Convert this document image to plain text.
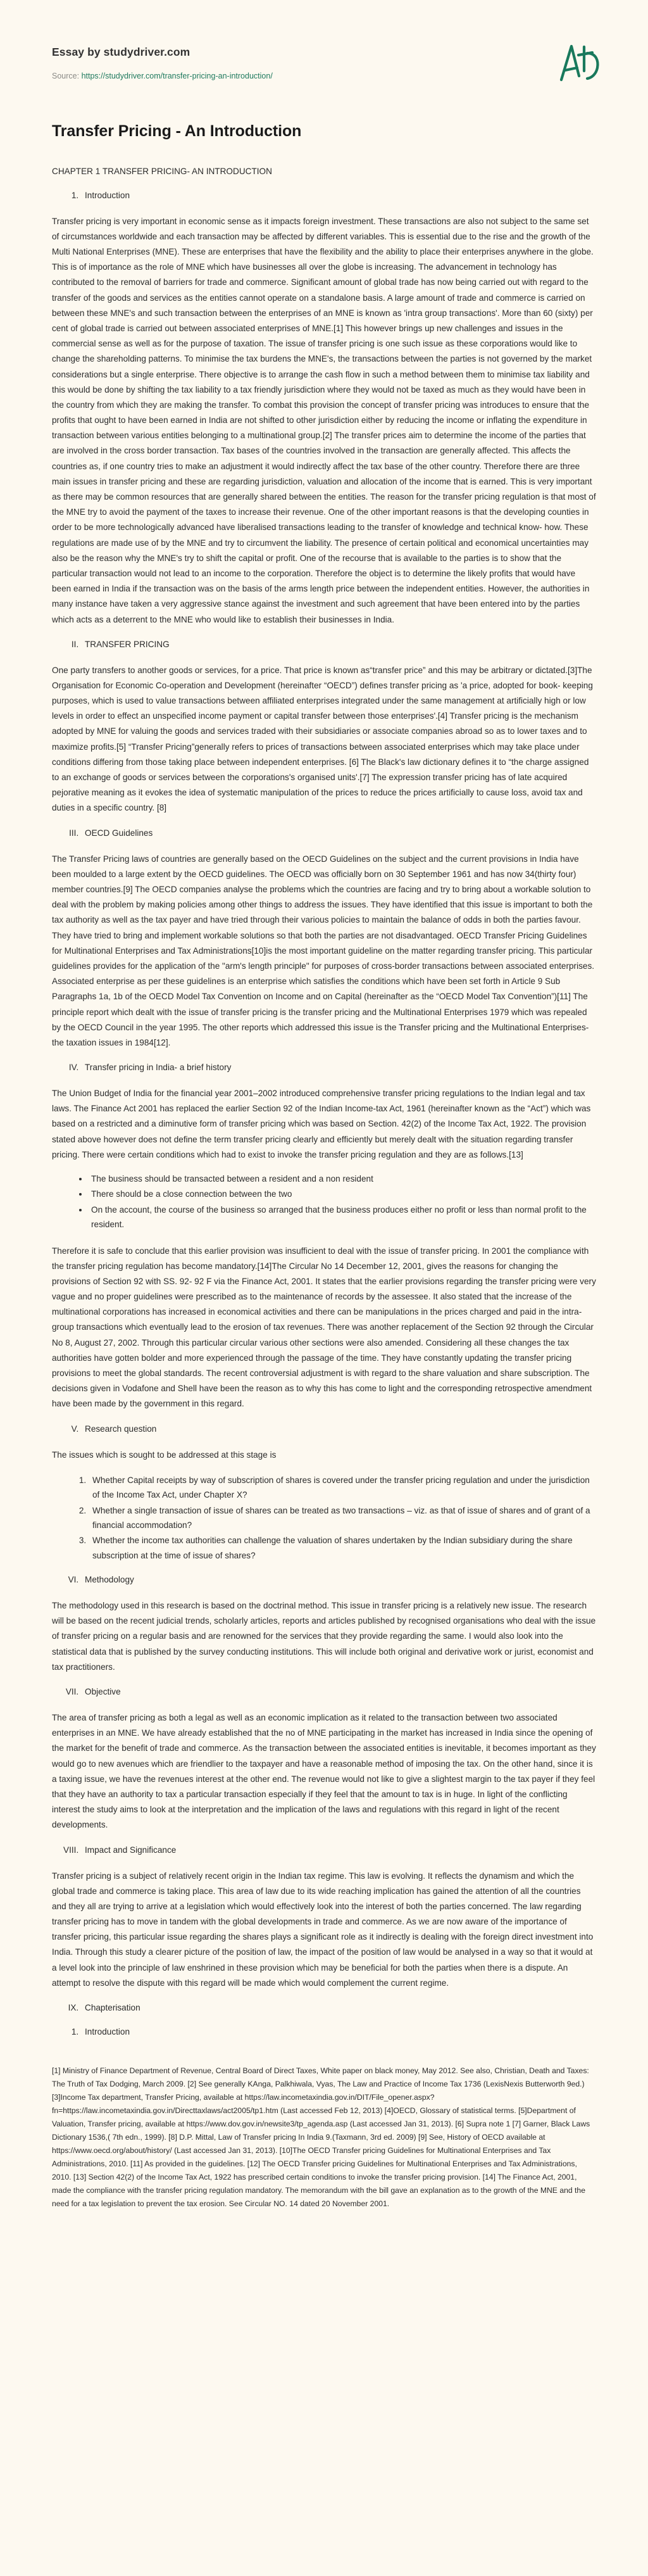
Essay by studydriver.com
Source: https://studydriver.com/transfer-pricing-an-introduction/
Transfer Pricing - An Introduction

CHAPTER 1 TRANSFER PRICING- AN INTRODUCTION

1. Introduction

Transfer pricing is very important in economic sense as it impacts foreign investment. These transactions are also not subject to the same set of circumstances worldwide and each transaction may be affected by different variables. This is essential due to the rise and the growth of the Multi National Enterprises (MNE). These are enterprises that have the flexibility and the ability to place their enterprises anywhere in the globe. This is of importance as the role of MNE which have businesses all over the globe is increasing. The advancement in technology has contributed to the removal of barriers for trade and commerce. Significant amount of global trade has now being carried out with regard to the transfer of the goods and services as the entities cannot operate on a standalone basis. A large amount of trade and commerce is carried on between these MNE's and such transaction between the enterprises of an MNE is known as 'intra group transactions'. More than 60 (sixty) per cent of global trade is carried out between associated enterprises of MNE.[1] This however brings up new challenges and issues in the commercial sense as well as for the purpose of taxation. The issue of transfer pricing is one such issue as these corporations would like to change the shareholding patterns. To minimise the tax burdens the MNE's, the transactions between the parties is not governed by the market considerations but a single enterprise. There objective is to arrange the cash flow in such a method between them to minimise tax liability and this would be done by shifting the tax liability to a tax friendly jurisdiction where they would not be taxed as much as they would have been in the country from which they are making the transfer. To combat this provision the concept of transfer pricing was introduces to ensure that the profits that ought to have been earned in India are not shifted to other jurisdiction either by reducing the income or inflating the expenditure in transaction between various entities belonging to a multinational group.[2] The transfer prices aim to determine the income of the parties that are involved in the cross border transaction. Tax bases of the countries involved in the transaction are generally affected. This affects the countries as, if one country tries to make an adjustment it would indirectly affect the tax base of the other country. Therefore there are three main issues in transfer pricing and these are regarding jurisdiction, valuation and allocation of the income that is earned. This is very important as there may be common resources that are generally shared between the entities. The reason for the transfer pricing regulation is that most of the MNE try to avoid the payment of the taxes to increase their revenue. One of the other important reasons is that the developing counties in order to be more technologically advanced have liberalised transactions leading to the transfer of knowledge and technical know- how. These regulations are made use of by the MNE and try to circumvent the liability. The presence of certain political and economical uncertainties may also be the reason why the MNE's try to shift the capital or profit. One of the recourse that is available to the parties is to show that the particular transaction would not lead to an income to the corporation. Therefore the object is to determine the likely profits that would have been earned in India if the transaction was on the basis of the arms length price between the independent entities. However, the authorities in many instance have taken a very aggressive stance against the investment and such agreement that have been entered into by the parties which acts as a deterrent to the MNE who would like to establish their businesses in India.

II. TRANSFER PRICING

One party transfers to another goods or services, for a price. That price is known as“transfer price” and this may be arbitrary or dictated.[3]The Organisation for Economic Co-operation and Development (hereinafter “OECD”) defines transfer pricing as 'a price, adopted for book- keeping purposes, which is used to value transactions between affiliated enterprises integrated under the same management at artificially high or low levels in order to effect an unspecified income payment or capital transfer between those enterprises'.[4] Transfer pricing is the mechanism adopted by MNE for valuing the goods and services traded with their subsidiaries or associate companies abroad so as to lower taxes and to maximize profits.[5] “Transfer Pricing”generally refers to prices of transactions between associated enterprises which may take place under conditions differing from those taking place between independent enterprises. [6] The Black's law dictionary defines it to “the charge assigned to an exchange of goods or services between the corporations's organised units'.[7] The expression transfer pricing has of late acquired pejorative meaning as it evokes the idea of systematic manipulation of the prices to reduce the prices artificially to cause loss, avoid tax and duties in a specific country. [8]

III. OECD Guidelines

The Transfer Pricing laws of countries are generally based on the OECD Guidelines on the subject and the current provisions in India have been moulded to a large extent by the OECD guidelines. The OECD was officially born on 30 September 1961 and has now 34(thirty four) member countries.[9] The OECD companies analyse the problems which the countries are facing and try to bring about a workable solution to deal with the problem by making policies among other things to address the issues. They have identified that this issue is important to both the tax authority as well as the tax payer and have tried through their various policies to maintain the balance of odds in both the parties favour. They have tried to bring and implement workable solutions so that both the parties are not disadvantaged. OECD Transfer Pricing Guidelines for Multinational Enterprises and Tax Administrations[10]is the most important guideline on the matter regarding transfer pricing. This particular guidelines provides for the application of the "arm's length principle" for purposes of cross-border transactions between associated enterprises. Associated enterprise as per these guidelines is an enterprise which satisfies the conditions which have been set forth in Article 9 Sub Paragraphs 1a, 1b of the OECD Model Tax Convention on Income and on Capital (hereinafter as the “OECD Model Tax Convention”)[11] The principle report which dealt with the issue of transfer pricing is the transfer pricing and the Multinational Enterprises 1979 which was repealed by the OECD Council in the year 1995. The other reports which addressed this issue is the Transfer pricing and the Multinational Enterprises- the taxation issues in 1984[12].

IV. Transfer pricing in India- a brief history

The Union Budget of India for the financial year 2001–2002 introduced comprehensive transfer pricing regulations to the Indian legal and tax laws. The Finance Act 2001 has replaced the earlier Section 92 of the Indian Income-tax Act, 1961 (hereinafter known as the “Act”) which was based on a restricted and a diminutive form of transfer pricing which was based on Section. 42(2) of the Income Tax Act, 1922. The provision stated above however does not define the term transfer pricing clearly and efficiently but merely dealt with the situation regarding transfer pricing. There were certain conditions which had to exist to invoke the transfer pricing regulation and they are as follows.[13]

• The business should be transacted between a resident and a non resident
• There should be a close connection between the two
• On the account, the course of the business so arranged that the business produces either no profit or less than normal profit to the resident.

Therefore it is safe to conclude that this earlier provision was insufficient to deal with the issue of transfer pricing. In 2001 the compliance with the transfer pricing regulation has become mandatory.[14]The Circular No 14 December 12, 2001, gives the reasons for changing the provisions of Section 92 with SS. 92- 92 F via the Finance Act, 2001. It states that the earlier provisions regarding the transfer pricing were very vague and no proper guidelines were prescribed as to the maintenance of records by the assessee. It also stated that the increase of the multinational corporations has increased in economical activities and there can be manipulations in the prices charged and paid in the intra-group transactions which eventually lead to the erosion of tax revenues. There was another replacement of the Section 92 through the Circular No 8, August 27, 2002. Through this particular circular various other sections were also amended. Considering all these changes the tax authorities have gotten bolder and more experienced through the passage of the time. They have constantly updating the transfer pricing provisions to meet the global standards. The recent controversial adjustment is with regard to the share valuation and share subscription. The decisions given in Vodafone and Shell have been the reason as to why this has come to light and the corresponding retrospective amendment have been made by the government in this regard.

V. Research question

The issues which is sought to be addressed at this stage is

1. Whether Capital receipts by way of subscription of shares is covered under the transfer pricing regulation and under the jurisdiction of the Income Tax Act, under Chapter X?
2. Whether a single transaction of issue of shares can be treated as two transactions – viz. as that of issue of shares and of grant of a financial accommodation?
3. Whether the income tax authorities can challenge the valuation of shares undertaken by the Indian subsidiary during the share subscription at the time of issue of shares?
VI. Methodology

The methodology used in this research is based on the doctrinal method. This issue in transfer pricing is a relatively new issue. The research will be based on the recent judicial trends, scholarly articles, reports and articles published by recognised organisations who deal with the issue of transfer pricing on a regular basis and are renowned for the services that they provide regarding the same. I would also look into the statistical data that is published by the survey conducting institutions. This will include both original and derivative work or jurist, economist and tax practitioners.

VII. Objective

The area of transfer pricing as both a legal as well as an economic implication as it related to the transaction between two associated enterprises in an MNE. We have already established that the no of MNE participating in the market has increased in India since the opening of the market for the benefit of trade and commerce. As the transaction between the associated entities is inevitable, it becomes important as they would go to new avenues which are friendlier to the taxpayer and have a reasonable method of imposing the tax. On the other hand, since it is a taxing issue, we have the revenues interest at the other end. The revenue would not like to give a slightest margin to the tax payer if they feel that they have an authority to tax a particular transaction especially if they feel that the amount to tax is in huge. In light of the conflicting interest the study aims to look at the interpretation and the implication of the laws and regulations with this regard in light of the recent developments.

VIII. Impact and Significance

Transfer pricing is a subject of relatively recent origin in the Indian tax regime. This law is evolving. It reflects the dynamism and which the global trade and commerce is taking place. This area of law due to its wide reaching implication has gained the attention of all the countries and they all are trying to arrive at a legislation which would effectively look into the interest of both the parties concerned. The law regarding transfer pricing has to move in tandem with the global developments in trade and commerce. As we are now aware of the importance of transfer pricing, this particular issue regarding the shares plays a significant role as it indirectly is dealing with the foreign direct investment into India. Through this study a clearer picture of the position of law, the impact of the position of law would be analysed in a way so that it would at a level look into the principle of law enshrined in these provision which may be beneficial for both the parties when there is a dispute. An attempt to resolve the dispute with this regard will be made which would complement the current regime.

IX. Chapterisation
1. Introduction

[1] Ministry of Finance Department of Revenue, Central Board of Direct Taxes, White paper on black money, May 2012. See also, Christian, Death and Taxes: The Truth of Tax Dodging, March 2009. [2] See generally KAnga, Palkhiwala, Vyas, The Law and Practice of Income Tax 1736 (LexisNexis Butterworth 9ed.) [3]Income Tax department, Transfer Pricing, available at https://law.incometaxindia.gov.in/DIT/File_opener.aspx?fn=https://law.incometaxindia.gov.in/Directtaxlaws/act2005/tp1.htm (Last accessed Feb 12, 2013) [4]OECD, Glossary of statistical terms. [5]Department of Valuation, Transfer pricing, available at https://www.dov.gov.in/newsite3/tp_agenda.asp (Last accessed Jan 31, 2013). [6] Supra note 1 [7] Garner, Black Laws Dictionary 1536,( 7th edn., 1999). [8] D.P. Mittal, Law of Transfer pricing In India 9.(Taxmann, 3rd ed. 2009) [9] See, History of OECD available at https://www.oecd.org/about/history/ (Last accessed Jan 31, 2013). [10]The OECD Transfer pricing Guidelines for Multinational Enterprises and Tax Administrations, 2010. [11] As provided in the guidelines. [12] The OECD Transfer pricing Guidelines for Multinational Enterprises and Tax Administrations, 2010. [13] Section 42(2) of the Income Tax Act, 1922 has prescribed certain conditions to invoke the transfer pricing provision. [14] The Finance Act, 2001, made the compliance with the transfer pricing regulation mandatory. The memorandum with the bill gave an explanation as to the growth of the MNE and the need for a tax legislation to prevent the tax erosion. See Circular NO. 14 dated 20 November 2001.
